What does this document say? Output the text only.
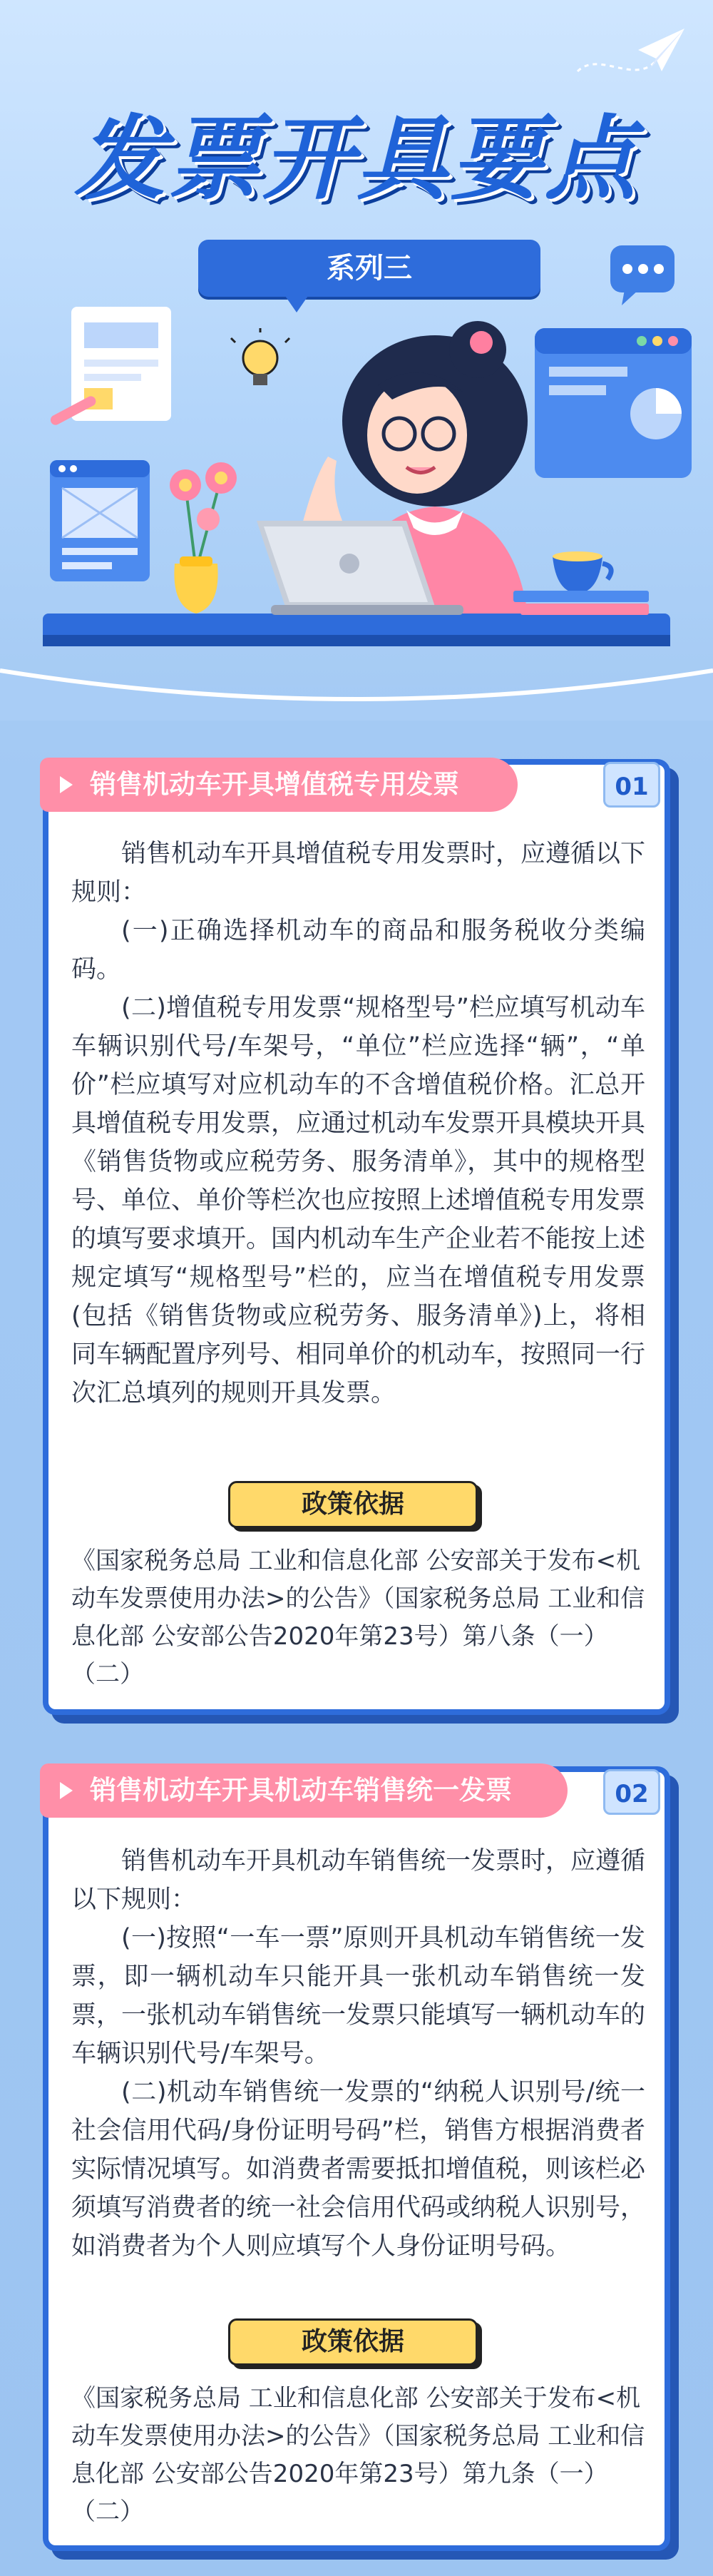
发票开具要点
系列三
销售机动车开具增值税专用发票	01

销售机动车开具增值税专用发票时，应遵循以下规则：

(一)正确选择机动车的商品和服务税收分类编码。

(二)增值税专用发票“规格型号”栏应填写机动车车辆识别代号/车架号，“单位”栏应选择“辆”，“单价”栏应填写对应机动车的不含增值税价格。汇总开具增值税专用发票，应通过机动车发票开具模块开具《销售货物或应税劳务、服务清单》，其中的规格型号、单位、单价等栏次也应按照上述增值税专用发票的填写要求填开。国内机动车生产企业若不能按上述规定填写“规格型号”栏的，应当在增值税专用发票(包括《销售货物或应税劳务、服务清单》)上，将相同车辆配置序列号、相同单价的机动车，按照同一行次汇总填列的规则开具发票。

政策依据
《国家税务总局 工业和信息化部 公安部关于发布<机动车发票使用办法>的公告》（国家税务总局 工业和信息化部 公安部公告2020年第23号）第八条（一）（二）
销售机动车开具机动车销售统一发票	02

销售机动车开具机动车销售统一发票时，应遵循以下规则：

(一)按照“一车一票”原则开具机动车销售统一发票，即一辆机动车只能开具一张机动车销售统一发票，一张机动车销售统一发票只能填写一辆机动车的车辆识别代号/车架号。

(二)机动车销售统一发票的“纳税人识别号/统一社会信用代码/身份证明号码”栏，销售方根据消费者实际情况填写。如消费者需要抵扣增值税，则该栏必须填写消费者的统一社会信用代码或纳税人识别号，如消费者为个人则应填写个人身份证明号码。

政策依据
《国家税务总局 工业和信息化部 公安部关于发布<机动车发票使用办法>的公告》（国家税务总局 工业和信息化部 公安部公告2020年第23号）第九条（一）（二）
